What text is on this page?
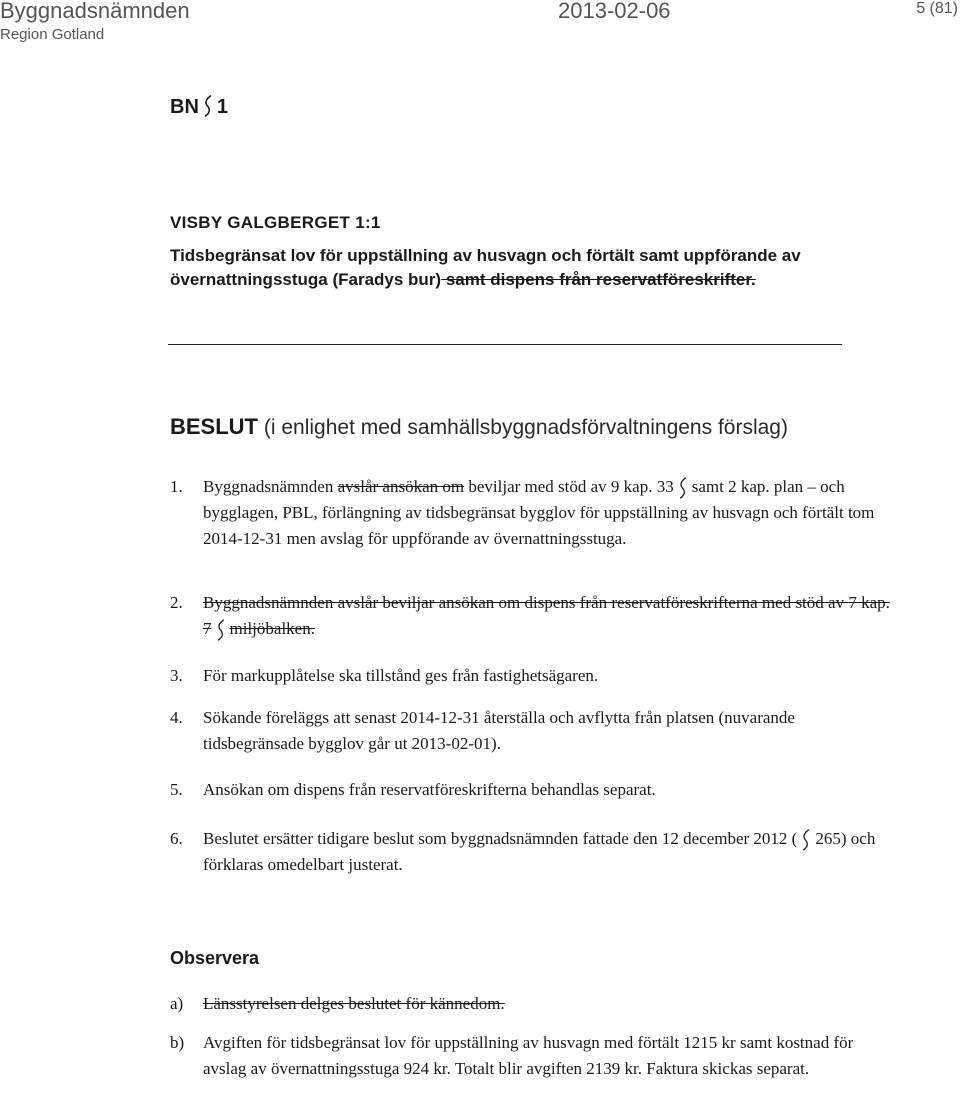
Byggnadsnämnden
Region Gotland
2013-02-06	5 (81)
BN 1
VISBY GALGBERGET 1:1
Tidsbegränsat lov för uppställning av husvagn och förtält samt uppförande av övernattningsstuga (Faradys bur) samt dispens från reservatföreskrifter.
BESLUT (i enlighet med samhällsbyggnadsförvaltningens förslag)
1. Byggnadsnämnden avslår ansökan om beviljar med stöd av 9 kap. 33 samt 2 kap. plan – och bygglagen, PBL, förlängning av tidsbegränsat bygglov för uppställning av husvagn och förtält tom 2014-12-31 men avslag för uppförande av övernattningsstuga.
2. Byggnadsnämnden avslår beviljar ansökan om dispens från reservatföreskrifterna med stöd av 7 kap. 7 miljöbalken.
3. För markupplåtelse ska tillstånd ges från fastighetsägaren.
4. Sökande föreläggs att senast 2014-12-31 återställa och avflytta från platsen (nuvarande tidsbegränsade bygglov går ut 2013-02-01).
5. Ansökan om dispens från reservatföreskrifterna behandlas separat.
6. Beslutet ersätter tidigare beslut som byggnadsnämnden fattade den 12 december 2012 ( 265) och förklaras omedelbart justerat.
Observera
a) Länsstyrelsen delges beslutet för kännedom.
b) Avgiften för tidsbegränsat lov för uppställning av husvagn med förtält 1215 kr samt kostnad för avslag av övernattningsstuga 924 kr. Totalt blir avgiften 2139 kr. Faktura skickas separat.
